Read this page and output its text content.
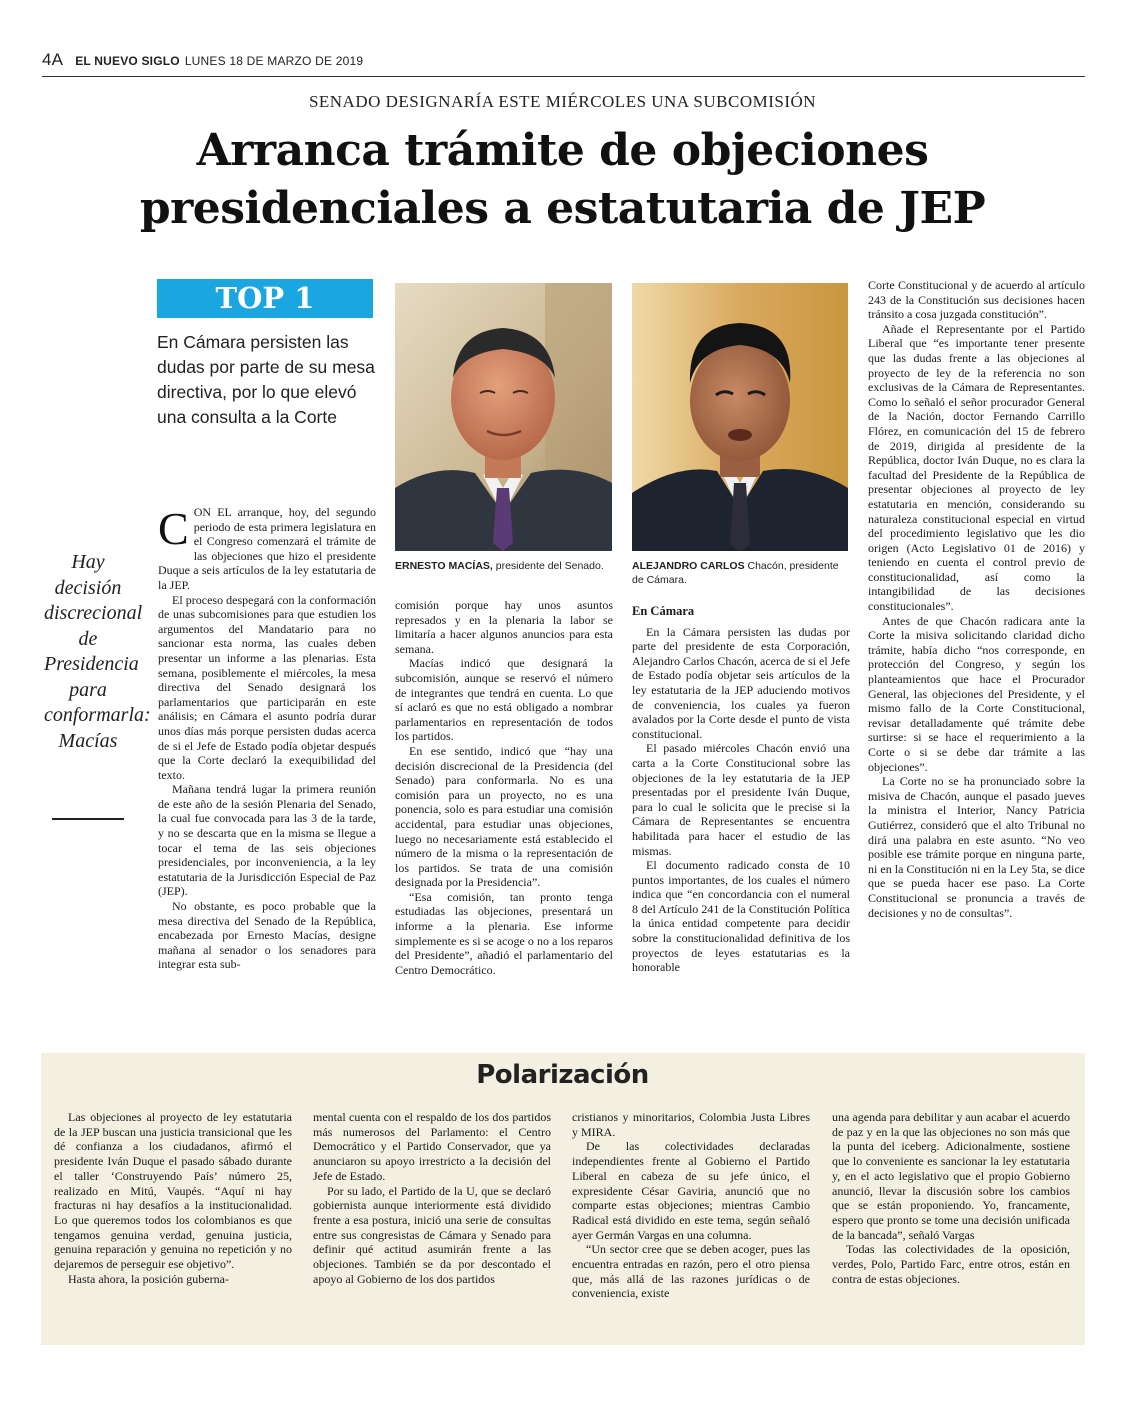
4A EL NUEVO SIGLO LUNES 18 DE MARZO DE 2019
SENADO DESIGNARÍA ESTE MIÉRCOLES UNA SUBCOMISIÓN
Arranca trámite de objeciones
presidenciales a estatutaria de JEP
TOP 1
En Cámara persisten las dudas por parte de su mesa directiva, por lo que elevó una consulta a la Corte
Hay decisión discrecional de Presidencia para conformarla: Macías
ERNESTO MACÍAS, presidente del Senado.	ALEJANDRO CARLOS Chacón, presidente de Cámara.

CON EL arranque, hoy, del segundo periodo de esta primera legislatura en el Congreso comenzará el trámite de las objeciones que hizo el presidente Duque a seis artículos de la ley estatutaria de la JEP.

El proceso despegará con la conformación de unas subcomisiones para que estudien los argumentos del Mandatario para no sancionar esta norma, las cuales deben presentar un informe a las plenarias. Esta semana, posiblemente el miércoles, la mesa directiva del Senado designará los parlamentarios que participarán en este análisis; en Cámara el asunto podría durar unos días más porque persisten dudas acerca de si el Jefe de Estado podía objetar después que la Corte declaró la exequibilidad del texto.

Mañana tendrá lugar la primera reunión de este año de la sesión Plenaria del Senado, la cual fue convocada para las 3 de la tarde, y no se descarta que en la misma se llegue a tocar el tema de las seis objeciones presidenciales, por inconveniencia, a la ley estatutaria de la Jurisdicción Especial de Paz (JEP).

No obstante, es poco probable que la mesa directiva del Senado de la República, encabezada por Ernesto Macías, designe mañana al senador o los senadores para integrar esta sub-

comisión porque hay unos asuntos represados y en la plenaria la labor se limitaría a hacer algunos anuncios para esta semana.

Macías indicó que designará la subcomisión, aunque se reservó el número de integrantes que tendrá en cuenta. Lo que sí aclaró es que no está obligado a nombrar parlamentarios en representación de todos los partidos.

En ese sentido, indicó que “hay una decisión discrecional de la Presidencia (del Senado) para conformarla. No es una comisión para un proyecto, no es una ponencia, solo es para estudiar una comisión accidental, para estudiar unas objeciones, luego no necesariamente está establecido el número de la misma o la representación de los partidos. Se trata de una comisión designada por la Presidencia”.

“Esa comisión, tan pronto tenga estudiadas las objeciones, presentará un informe a la plenaria. Ese informe simplemente es si se acoge o no a los reparos del Presidente”, añadió el parlamentario del Centro Democrático.

En Cámara

En la Cámara persisten las dudas por parte del presidente de esta Corporación, Alejandro Carlos Chacón, acerca de si el Jefe de Estado podía objetar seis artículos de la ley estatutaria de la JEP aduciendo motivos de conveniencia, los cuales ya fueron avalados por la Corte desde el punto de vista constitucional.

El pasado miércoles Chacón envió una carta a la Corte Constitucional sobre las objeciones de la ley estatutaria de la JEP presentadas por el presidente Iván Duque, para lo cual le solicita que le precise si la Cámara de Representantes se encuentra habilitada para hacer el estudio de las mismas.

El documento radicado consta de 10 puntos importantes, de los cuales el número indica que “en concordancia con el numeral 8 del Artículo 241 de la Constitución Política la única entidad competente para decidir sobre la constitucionalidad definitiva de los proyectos de leyes estatutarias es la honorable

Corte Constitucional y de acuerdo al artículo 243 de la Constitución sus decisiones hacen tránsito a cosa juzgada constitución”.

Añade el Representante por el Partido Liberal que “es importante tener presente que las dudas frente a las objeciones al proyecto de ley de la referencia no son exclusivas de la Cámara de Representantes. Como lo señaló el señor procurador General de la Nación, doctor Fernando Carrillo Flórez, en comunicación del 15 de febrero de 2019, dirigida al presidente de la República, doctor Iván Duque, no es clara la facultad del Presidente de la República de presentar objeciones al proyecto de ley estatutaria en mención, considerando su naturaleza constitucional especial en virtud del procedimiento legislativo que les dio origen (Acto Legislativo 01 de 2016) y teniendo en cuenta el control previo de constitucionalidad, así como la intangibilidad de las decisiones constitucionales”.

Antes de que Chacón radicara ante la Corte la misiva solicitando claridad dicho trámite, había dicho “nos corresponde, en protección del Congreso, y según los planteamientos que hace el Procurador General, las objeciones del Presidente, y el mismo fallo de la Corte Constitucional, revisar detalladamente qué trámite debe surtirse: si se hace el requerimiento a la Corte o si se debe dar trámite a las objeciones”.

La Corte no se ha pronunciado sobre la misiva de Chacón, aunque el pasado jueves la ministra el Interior, Nancy Patricia Gutiérrez, consideró que el alto Tribunal no dirá una palabra en este asunto. “No veo posible ese trámite porque en ninguna parte, ni en la Constitución ni en la Ley 5ta, se dice que se pueda hacer ese paso. La Corte Constitucional se pronuncia a través de decisiones y no de consultas”.

Polarización

Las objeciones al proyecto de ley estatutaria de la JEP buscan una justicia transicional que les dé confianza a los ciudadanos, afirmó el presidente Iván Duque el pasado sábado durante el taller ‘Construyendo País’ número 25, realizado en Mitú, Vaupés. “Aquí ni hay fracturas ni hay desafíos a la institucionalidad. Lo que queremos todos los colombianos es que tengamos genuina verdad, genuina justicia, genuina reparación y genuina no repetición y no dejaremos de perseguir ese objetivo”.

Hasta ahora, la posición guberna-

mental cuenta con el respaldo de los dos partidos más numerosos del Parlamento: el Centro Democrático y el Partido Conservador, que ya anunciaron su apoyo irrestricto a la decisión del Jefe de Estado.

Por su lado, el Partido de la U, que se declaró gobiernista aunque interiormente está dividido frente a esa postura, inició una serie de consultas entre sus congresistas de Cámara y Senado para definir qué actitud asumirán frente a las objeciones. También se da por descontado el apoyo al Gobierno de los dos partidos

cristianos y minoritarios, Colombia Justa Libres y MIRA.

De las colectividades declaradas independientes frente al Gobierno el Partido Liberal en cabeza de su jefe único, el expresidente César Gaviria, anunció que no comparte estas objeciones; mientras Cambio Radical está dividido en este tema, según señaló ayer Germán Vargas en una columna.

“Un sector cree que se deben acoger, pues las encuentra entradas en razón, pero el otro piensa que, más allá de las razones jurídicas o de conveniencia, existe

una agenda para debilitar y aun acabar el acuerdo de paz y en la que las objeciones no son más que la punta del iceberg. Adicionalmente, sostiene que lo conveniente es sancionar la ley estatutaria y, en el acto legislativo que el propio Gobierno anunció, llevar la discusión sobre los cambios que se están proponiendo. Yo, francamente, espero que pronto se tome una decisión unificada de la bancada”, señaló Vargas

Todas las colectividades de la oposición, verdes, Polo, Partido Farc, entre otros, están en contra de estas objeciones.
